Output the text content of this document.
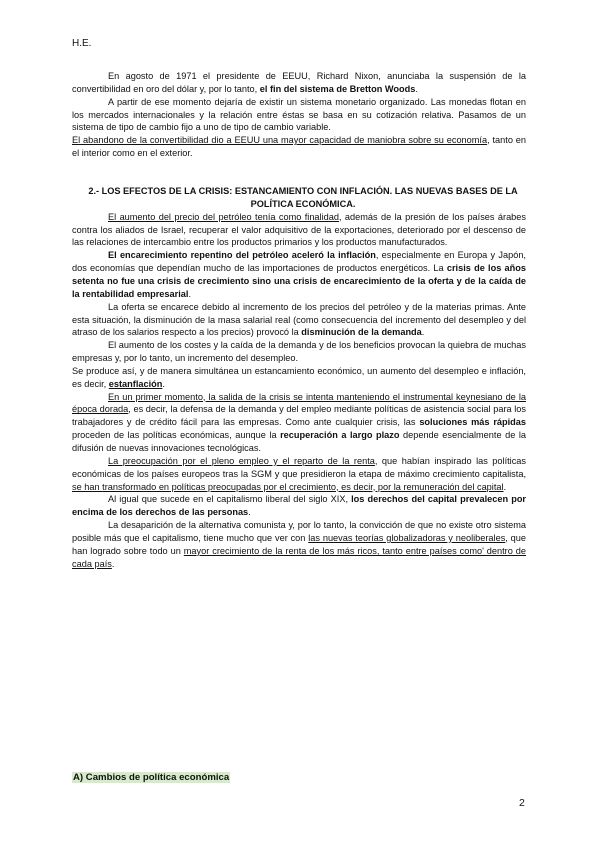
H.E.

En agosto de 1971 el presidente de EEUU, Richard Nixon, anunciaba la suspensión de la convertibilidad en oro del dólar y, por lo tanto, el fin del sistema de Bretton Woods.

A partir de ese momento dejaría de existir un sistema monetario organizado. Las monedas flotan en los mercados internacionales y la relación entre éstas se basa en su cotización relativa. Pasamos de un sistema de tipo de cambio fijo a uno de tipo de cambio variable.

El abandono de la convertibilidad dio a EEUU una mayor capacidad de maniobra sobre su economía, tanto en el interior como en el exterior.

2.- LOS EFECTOS DE LA CRISIS: ESTANCAMIENTO CON INFLACIÓN. LAS NUEVAS BASES DE LA POLÍTICA ECONÓMICA.

El aumento del precio del petróleo tenía como finalidad, además de la presión de los países árabes contra los aliados de Israel, recuperar el valor adquisitivo de la exportaciones, deteriorado por el descenso de las relaciones de intercambio entre los productos primarios y los productos manufacturados.

El encarecimiento repentino del petróleo aceleró la inflación, especialmente en Europa y Japón, dos economías que dependían mucho de las importaciones de productos energéticos. La crisis de los años setenta no fue una crisis de crecimiento sino una crisis de encarecimiento de la oferta y de la caída de la rentabilidad empresarial.

La oferta se encarece debido al incremento de los precios del petróleo y de la materias primas. Ante esta situación, la disminución de la masa salarial real (como consecuencia del incremento del desempleo y del atraso de los salarios respecto a los precios) provocó la disminución de la demanda.

El aumento de los costes y la caída de la demanda y de los beneficios provocan la quiebra de muchas empresas y, por lo tanto, un incremento del desempleo.

Se produce así, y de manera simultánea un estancamiento económico, un aumento del desempleo e inflación, es decir, estanflación.

En un primer momento, la salida de la crisis se intenta manteniendo el instrumental keynesiano de la época dorada, es decir, la defensa de la demanda y del empleo mediante políticas de asistencia social para los trabajadores y de crédito fácil para las empresas. Como ante cualquier crisis, las soluciones más rápidas proceden de las políticas económicas, aunque la recuperación a largo plazo depende esencialmente de la difusión de nuevas innovaciones tecnológicas.

La preocupación por el pleno empleo y el reparto de la renta, que habían inspirado las políticas económicas de los países europeos tras la SGM y que presidieron la etapa de máximo crecimiento capitalista, se han transformado en políticas preocupadas por el crecimiento, es decir, por la remuneración del capital.

Al igual que sucede en el capitalismo liberal del siglo XIX, los derechos del capital prevalecen por encima de los derechos de las personas.

La desaparición de la alternativa comunista y, por lo tanto, la convicción de que no existe otro sistema posible más que el capitalismo, tiene mucho que ver con las nuevas teorías globalizadoras y neoliberales, que han logrado sobre todo un mayor crecimiento de la renta de los más ricos, tanto entre países como' dentro de cada país.

A) Cambios de política económica
2
